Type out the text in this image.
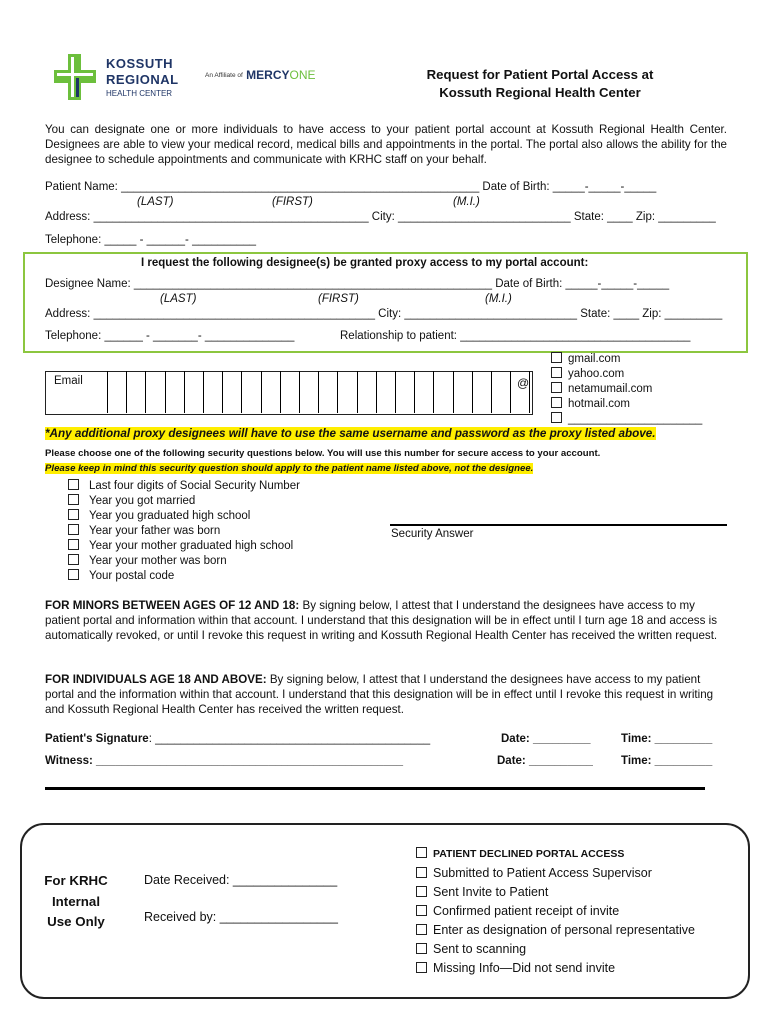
KOSSUTH
REGIONAL
HEALTH CENTER
An Affiliate of MERCYONE	Request for Patient Portal Access at
Kossuth Regional Health Center
You can designate one or more individuals to have access to your patient portal account at Kossuth Regional Health Center. Designees are able to view your medical record, medical bills and appointments in the portal. The portal also allows the ability for the designee to schedule appointments and communicate with KRHC staff on your behalf.
Patient Name: ________________________________________________________ Date of Birth: _____-_____-_____
(LAST)	(FIRST)	(M.I.)
Address: ___________________________________________ City: ___________________________ State: ____ Zip: _________
Telephone: _____ - ______- __________
I request the following designee(s) be granted proxy access to my portal account:
Designee Name: ________________________________________________________ Date of Birth: _____-_____-_____
(LAST)	(FIRST)	(M.I.)
Address: ____________________________________________ City: ___________________________ State: ____ Zip: _________
Telephone: ______ - _______- ______________	Relationship to patient: ____________________________________
Email	@
gmail.com
yahoo.com
netamumail.com
hotmail.com
_____________________
*Any additional proxy designees will have to use the same username and password as the proxy listed above.
Please choose one of the following security questions below. You will use this number for secure access to your account.
Please keep in mind this security question should apply to the patient name listed above, not the designee.
Last four digits of Social Security Number
Year you got married
Year you graduated high school
Year your father was born
Year your mother graduated high school
Year your mother was born
Your postal code
Security Answer
FOR MINORS BETWEEN AGES OF 12 AND 18: By signing below, I attest that I understand the designees have access to my patient portal and information within that account. I understand that this designation will be in effect until I turn age 18 and access is automatically revoked, or until I revoke this request in writing and Kossuth Regional Health Center has received the written request.
FOR INDIVIDUALS AGE 18 AND ABOVE: By signing below, I attest that I understand the designees have access to my patient portal and the information within that account. I understand that this designation will be in effect until I revoke this request in writing and Kossuth Regional Health Center has received the written request.
Patient's Signature: ___________________________________________	Date: _________	Time: _________
Witness: ________________________________________________	Date: __________ Time: _________
For KRHC
Internal
Use Only
Date Received: _______________
Received by: _________________
PATIENT DECLINED PORTAL ACCESS
Submitted to Patient Access Supervisor
Sent Invite to Patient
Confirmed patient receipt of invite
Enter as designation of personal representative
Sent to scanning
Missing Info—Did not send invite
